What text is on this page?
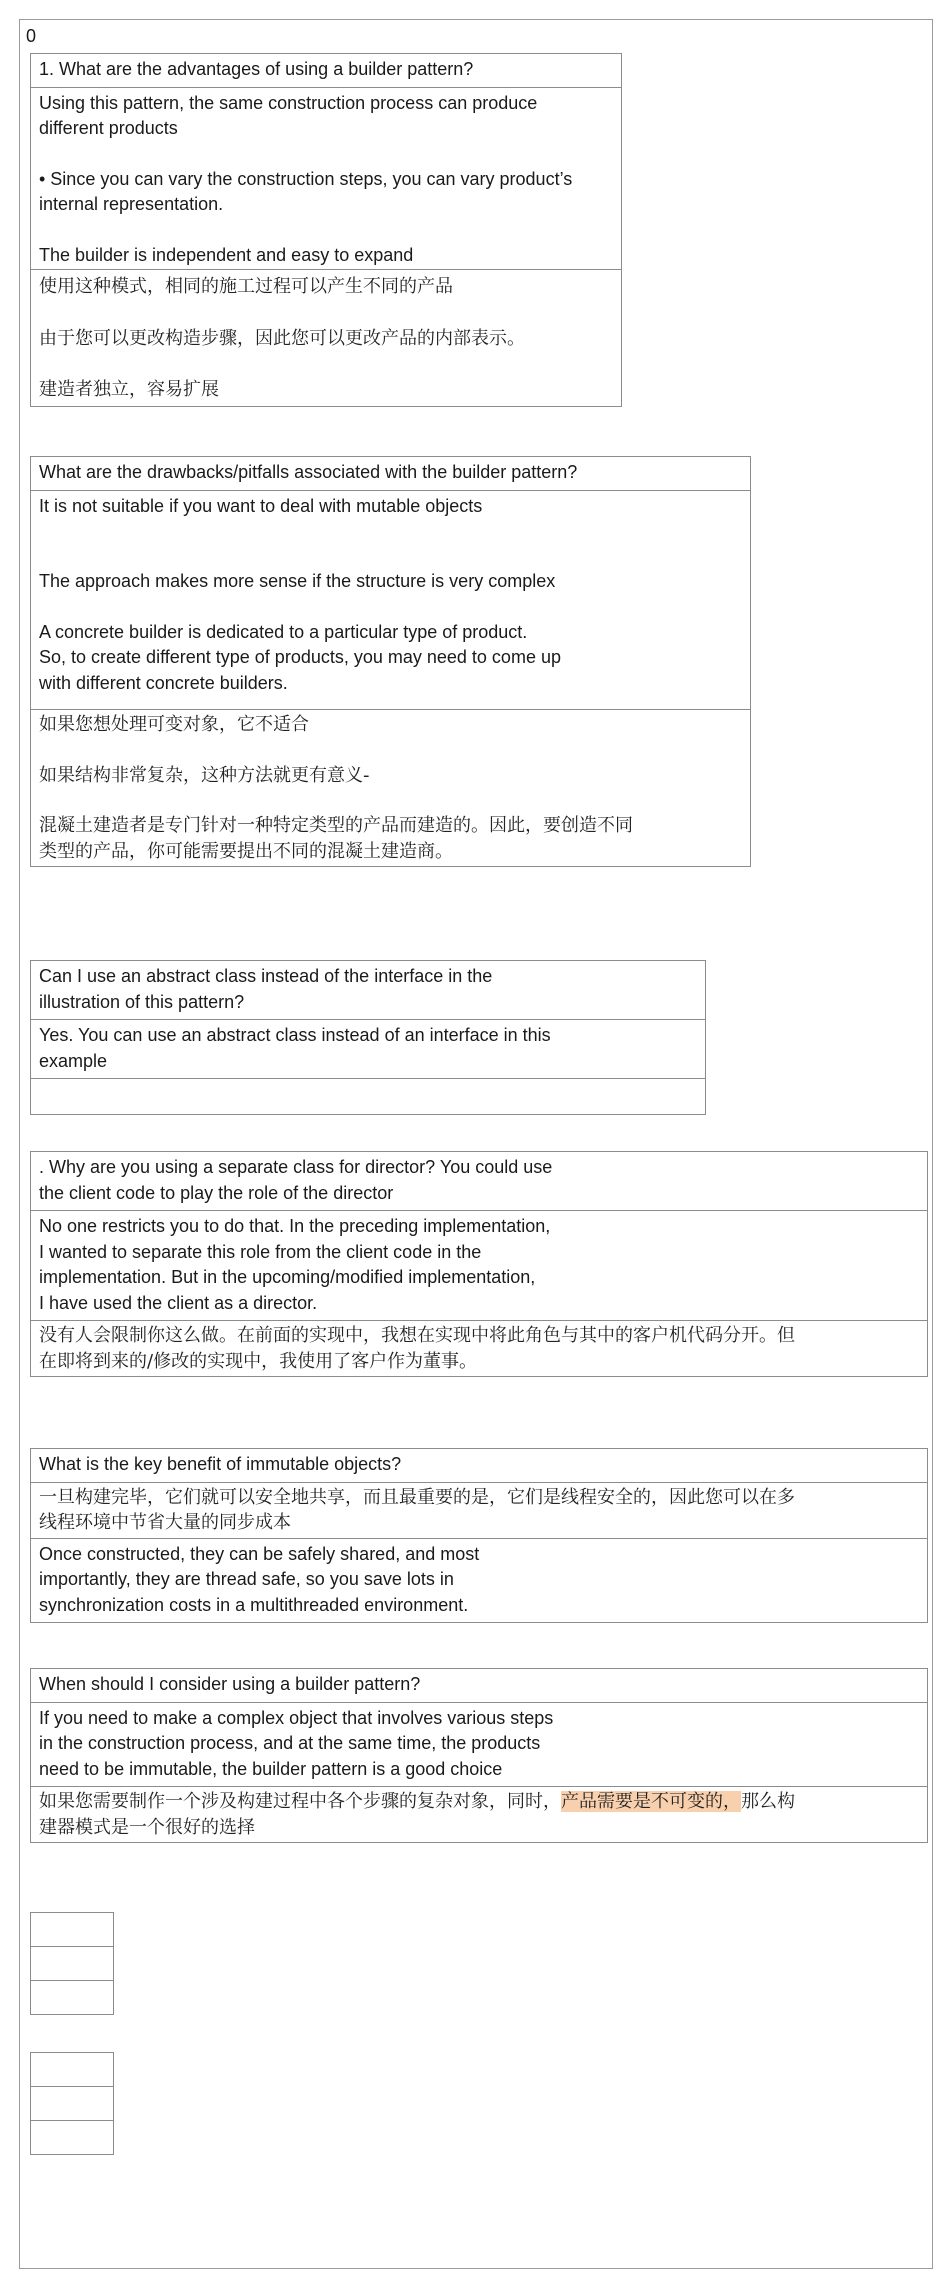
0
1. What are the advantages of using a builder pattern?

Using this pattern, the same construction process can produce
different products
• Since you can vary the construction steps, you can vary product’s
internal representation.
The builder is independent and easy to expand

使用这种模式，相同的施工过程可以产生不同的产品
由于您可以更改构造步骤，因此您可以更改产品的内部表示。
建造者独立，容易扩展
What are the drawbacks/pitfalls associated with the builder pattern?

It is not suitable if you want to deal with mutable objects
The approach makes more sense if the structure is very complex
A concrete builder is dedicated to a particular type of product.
So, to create different type of products, you may need to come up
with different concrete builders.

如果您想处理可变对象，它不适合
如果结构非常复杂，这种方法就更有意义-
混凝土建造者是专门针对一种特定类型的产品而建造的。因此，要创造不同
类型的产品，你可能需要提出不同的混凝土建造商。
Can I use an abstract class instead of the interface in the
illustration of this pattern?

Yes. You can use an abstract class instead of an interface in this
example

. Why are you using a separate class for director? You could use
the client code to play the role of the director

No one restricts you to do that. In the preceding implementation,
I wanted to separate this role from the client code in the
implementation. But in the upcoming/modified implementation,
I have used the client as a director.

没有人会限制你这么做。在前面的实现中，我想在实现中将此角色与其中的客户机代码分开。但
在即将到来的/修改的实现中，我使用了客户作为董事。
What is the key benefit of immutable objects?

一旦构建完毕，它们就可以安全地共享，而且最重要的是，它们是线程安全的，因此您可以在多
线程环境中节省大量的同步成本

Once constructed, they can be safely shared, and most
importantly, they are thread safe, so you save lots in
synchronization costs in a multithreaded environment.
When should I consider using a builder pattern?

If you need to make a complex object that involves various steps
in the construction process, and at the same time, the products
need to be immutable, the builder pattern is a good choice

如果您需要制作一个涉及构建过程中各个步骤的复杂对象，同时，产品需要是不可变的，那么构
建器模式是一个很好的选择
